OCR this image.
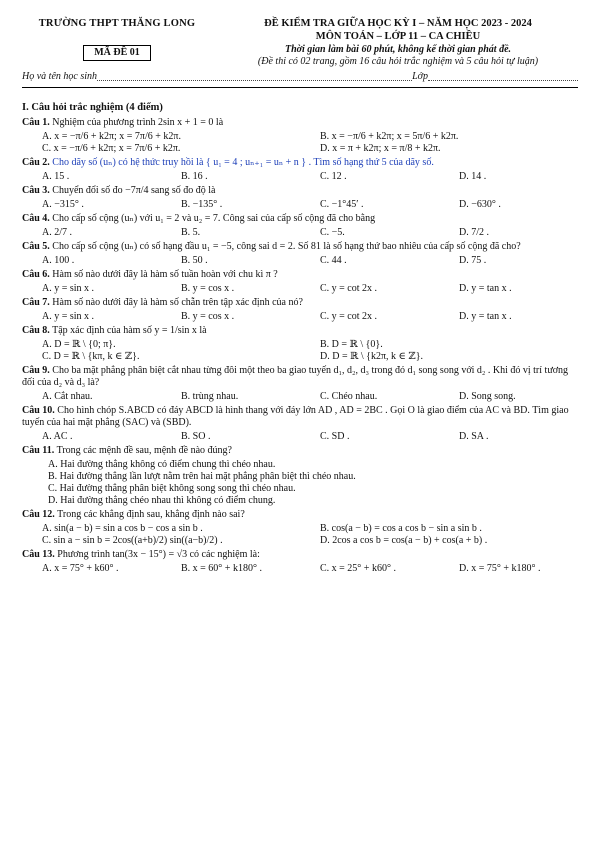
TRƯỜNG THPT THĂNG LONG
MÃ ĐỀ 01
ĐỀ KIỂM TRA GIỮA HỌC KỲ I – NĂM HỌC 2023 - 2024
MÔN TOÁN – LỚP 11 – CA CHIỀU
Thời gian làm bài 60 phút, không kể thời gian phát đề.
(Đề thi có 02 trang, gồm 16 câu hỏi trắc nghiệm và 5 câu hỏi tự luận)
Họ và tên học sinh	Lớp
I. Câu hỏi trắc nghiệm (4 điểm)
Câu 1. Nghiệm của phương trình 2sin x + 1 = 0 là
A. x = −π/6 + k2π; x = 7π/6 + k2π.	B. x = −π/6 + k2π; x = 5π/6 + k2π.
C. x = −π/6 + k2π; x = 7π/6 + k2π.	D. x = π + k2π; x = π/8 + k2π.
Câu 2. Cho dãy số (uₙ) có hệ thức truy hồi là { u₁ = 4 ; uₙ₊₁ = uₙ + n } . Tìm số hạng thứ 5 của dãy số.
A. 15 .	B. 16 .	C. 12 .	D. 14 .
Câu 3. Chuyển đổi số đo −7π/4 sang số đo độ là
A. −315° .	B. −135° .	C. −1°45′ .	D. −630° .
Câu 4. Cho cấp số cộng (uₙ) với u₁ = 2 và u₂ = 7. Công sai của cấp số cộng đã cho bằng
A. 2/7 .	B. 5.	C. −5.	D. 7/2 .
Câu 5. Cho cấp số cộng (uₙ) có số hạng đầu u₁ = −5, công sai d = 2. Số 81 là số hạng thứ bao nhiêu của cấp số cộng đã cho?
A. 100 .	B. 50 .	C. 44 .	D. 75 .
Câu 6. Hàm số nào dưới đây là hàm số tuần hoàn với chu kì π ?
A. y = sin x .	B. y = cos x .	C. y = cot 2x .	D. y = tan x .
Câu 7. Hàm số nào dưới đây là hàm số chẵn trên tập xác định của nó?
A. y = sin x .	B. y = cos x .	C. y = cot 2x .	D. y = tan x .
Câu 8. Tập xác định của hàm số y = 1/sin x là
A. D = ℝ \ {0; π}.	B. D = ℝ \ {0}.
C. D = ℝ \ {kπ, k ∈ ℤ}.	D. D = ℝ \ {k2π, k ∈ ℤ}.
Câu 9. Cho ba mặt phẳng phân biệt cắt nhau từng đôi một theo ba giao tuyến d₁, d₂, d₃ trong đó d₁ song song với d₂ . Khi đó vị trí tương đối của d₂ và d₃ là?
A. Cắt nhau.	B. trùng nhau.	C. Chéo nhau.	D. Song song.
Câu 10. Cho hình chóp S.ABCD có đáy ABCD là hình thang với đáy lớn AD , AD = 2BC . Gọi O là giao điểm của AC và BD. Tìm giao tuyến của hai mặt phẳng (SAC) và (SBD).
A. AC .	B. SO .	C. SD .	D. SA .
Câu 11. Trong các mệnh đề sau, mệnh đề nào đúng?
A. Hai đường thẳng không có điểm chung thì chéo nhau.
B. Hai đường thẳng lần lượt nằm trên hai mặt phẳng phân biệt thì chéo nhau.
C. Hai đường thẳng phân biệt không song song thì chéo nhau.
D. Hai đường thẳng chéo nhau thì không có điểm chung.
Câu 12. Trong các khẳng định sau, khẳng định nào sai?
A. sin(a − b) = sin a cos b − cos a sin b .	B. cos(a − b) = cos a cos b − sin a sin b .
C. sin a − sin b = 2cos((a+b)/2) sin((a−b)/2) .	D. 2cos a cos b = cos(a − b) + cos(a + b) .
Câu 13. Phương trình tan(3x − 15°) = √3 có các nghiệm là:
A. x = 75° + k60° .	B. x = 60° + k180° .	C. x = 25° + k60° .	D. x = 75° + k180° .
